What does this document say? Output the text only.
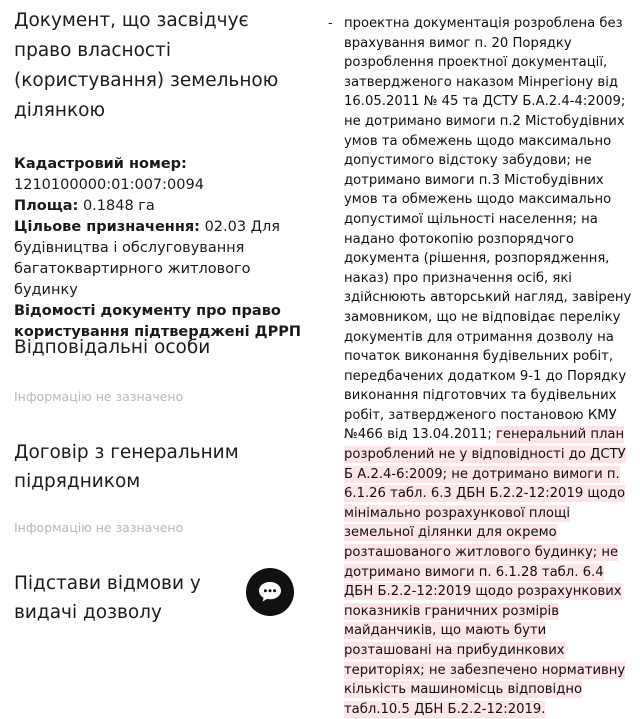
Документ, що засвідчує право власності (користування) земельною ділянкою
Кадастровий номер:
1210100000:01:007:0094
Площа: 0.1848 га
Цільове призначення: 02.03 Для будівництва і обслуговування багатоквартирного житлового будинку
Відомості документу про право користування підтверджені ДРРП
Відповідальні особи
Інформацію не зазначено
Договір з генеральним підрядником
Інформацію не зазначено
Підстави відмови у видачі дозволу
- проектна документація розроблена без врахування вимог п. 20 Порядку розроблення проектної документації, затвердженого наказом Мінрегіону від 16.05.2011 № 45 та ДСТУ Б.А.2.4-4:2009; не дотримано вимоги п.2 Містобудівних умов та обмежень щодо максимально допустимого відстоку забудови; не дотримано вимоги п.3 Містобудівних умов та обмежень щодо максимально допустимої щільності населення; на надано фотокопію розпорядчого документа (рішення, розпорядження, наказ) про призначення осіб, які здійснюють авторський нагляд, завірену замовником, що не відповідає переліку документів для отримання дозволу на початок виконання будівельних робіт, передбачених додатком 9-1 до Порядку виконання підготовчих та будівельних робіт, затвердженого постановою КМУ №466 від 13.04.2011; генеральний план розроблений не у відповідності до ДСТУ Б А.2.4-6:2009; не дотримано вимоги п. 6.1.26 табл. 6.3 ДБН Б.2.2-12:2019 щодо мінімально розрахункової площі земельної ділянки для окремо розташованого житлового будинку; не дотримано вимоги п. 6.1.28 табл. 6.4 ДБН Б.2.2-12:2019 щодо розрахункових показників граничних розмірів майданчиків, що мають бути розташовані на прибудинкових територіях; не забезпечено нормативну кількість машиномісць відповідно табл.10.5 ДБН Б.2.2-12:2019.
